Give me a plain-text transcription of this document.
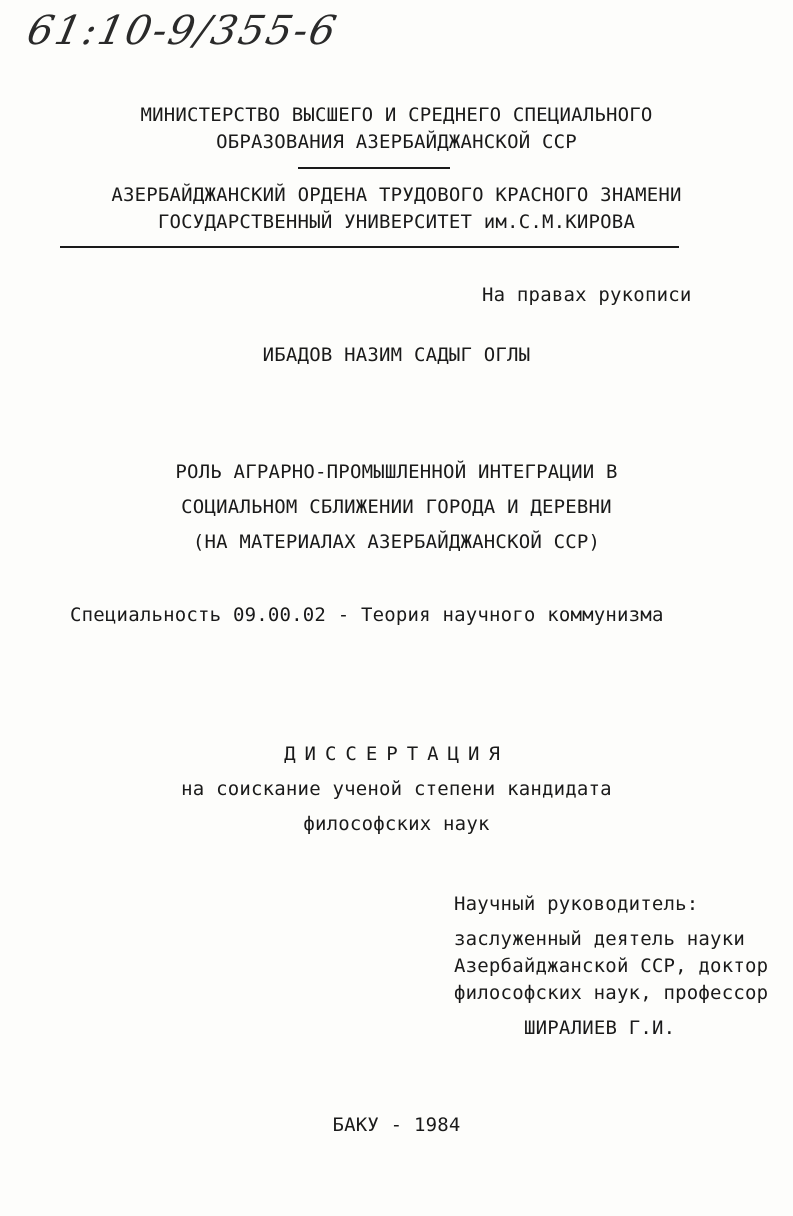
61:10-9/355-6
МИНИСТЕРСТВО ВЫСШЕГО И СРЕДНЕГО СПЕЦИАЛЬНОГО
ОБРАЗОВАНИЯ АЗЕРБАЙДЖАНСКОЙ ССР
АЗЕРБАЙДЖАНСКИЙ ОРДЕНА ТРУДОВОГО КРАСНОГО ЗНАМЕНИ
ГОСУДАРСТВЕННЫЙ УНИВЕРСИТЕТ им.С.М.КИРОВА
На правах рукописи
ИБАДОВ НАЗИМ САДЫГ ОГЛЫ
РОЛЬ АГРАРНО-ПРОМЫШЛЕННОЙ ИНТЕГРАЦИИ В
СОЦИАЛЬНОМ СБЛИЖЕНИИ ГОРОДА И ДЕРЕВНИ
(НА МАТЕРИАЛАХ АЗЕРБАЙДЖАНСКОЙ ССР)
Специальность 09.00.02 - Теория научного коммунизма
ДИССЕРТАЦИЯ
на соискание ученой степени кандидата
философских наук
Научный руководитель:
заслуженный деятель науки
Азербайджанской ССР, доктор
философских наук, профессор
ШИРАЛИЕВ Г.И.
БАКУ - 1984
